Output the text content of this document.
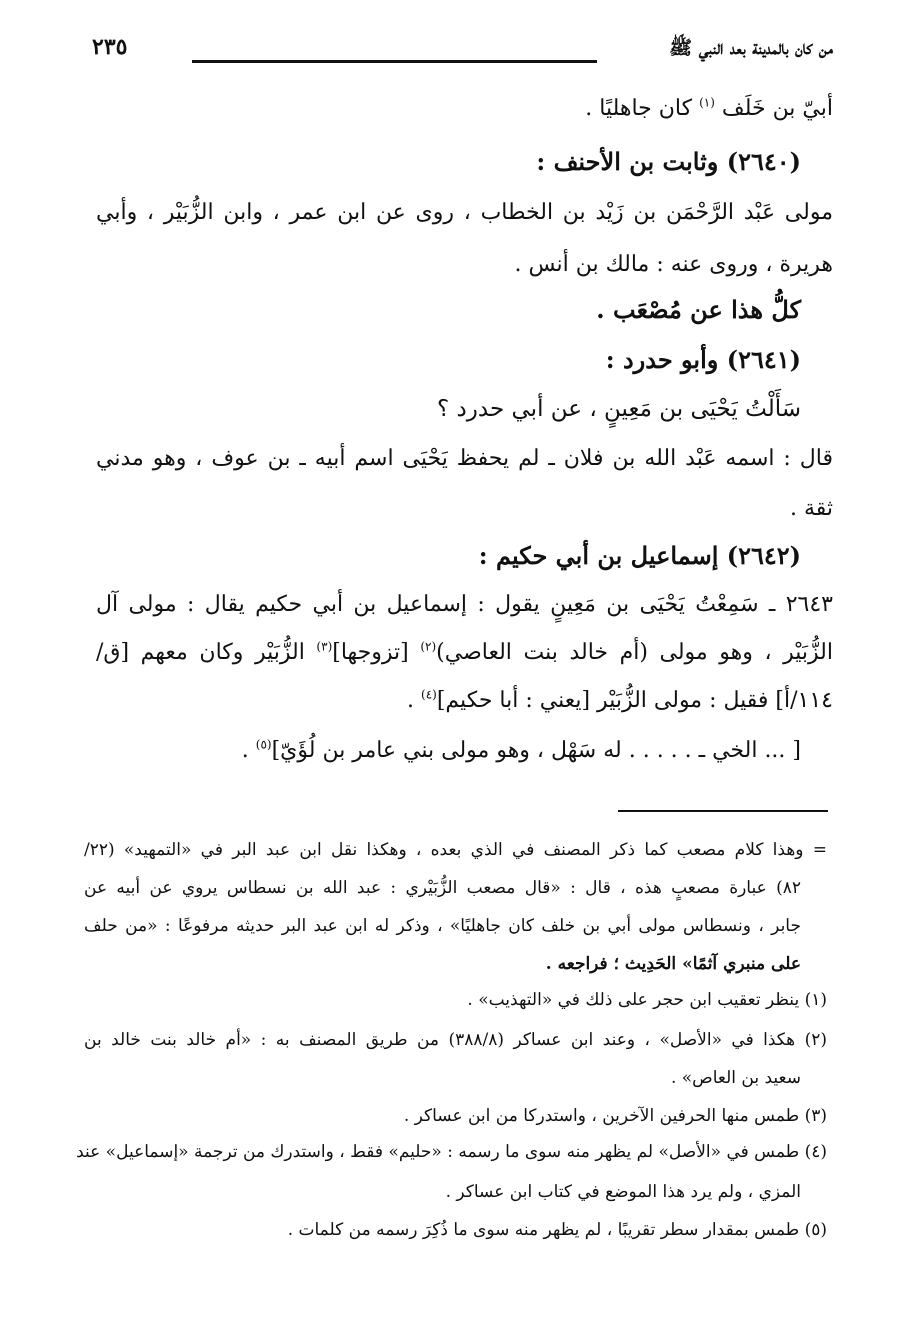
من كان بالمدينة بعد النبي ﷺ
٢٣٥
أبيّ بن خَلَف $^{(١)}$ كان جاهليًا .
(٢٦٤٠) وثابت بن الأحنف :
مولى عَبْد الرَّحْمَن بن زَيْد بن الخطاب ، روى عن ابن عمر ، وابن الزُّبَيْر ، وأبي
هريرة ، وروى عنه : مالك بن أنس .
كلُّ هذا عن مُصْعَب .
(٢٦٤١) وأبو حدرد :
سَأَلْتُ يَحْيَى بن مَعِينٍ ، عن أبي حدرد ؟
قال : اسمه عَبْد الله بن فلان ـ لم يحفظ يَحْيَى اسم أبيه ـ بن عوف ، وهو مدني
ثقة .
(٢٦٤٢) إسماعيل بن أبي حكيم :
٢٦٤٣ ـ سَمِعْتُ يَحْيَى بن مَعِينٍ يقول : إسماعيل بن أبي حكيم يقال : مولى آل
الزُّبَيْر ، وهو مولى (أم خالد بنت العاصي)$^{(٢)}$ [تزوجها]$^{(٣)}$ الزُّبَيْر وكان معهم [ق/
١١٤/أ] فقيل : مولى الزُّبَيْر [يعني : أبا حكيم]$^{(٤)}$ .
[ ... الخي ـ . . . . . له سَهْل ، وهو مولى بني عامر بن لُؤَيّ]$^{(٥)}$ .
= وهذا كلام مصعب كما ذكر المصنف في الذي بعده ، وهكذا نقل ابن عبد البر في «التمهيد» (٢٢/
٨٢) عبارة مصعبٍ هذه ، قال : «قال مصعب الزُّبَيْري : عبد الله بن نسطاس يروي عن أبيه عن
جابر ، ونسطاس مولى أبي بن خلف كان جاهليًا» ، وذكر له ابن عبد البر حديثه مرفوعًا : «من حلف
على منبري آثمًا» الحَدِيث ؛ فراجعه .
(١) ينظر تعقيب ابن حجر على ذلك في «التهذيب» .
(٢) هكذا في «الأصل» ، وعند ابن عساكر (٣٨٨/٨) من طريق المصنف به : «أم خالد بنت خالد بن
سعيد بن العاص» .
(٣) طمس منها الحرفين الآخرين ، واستدركا من ابن عساكر .
(٤) طمس في «الأصل» لم يظهر منه سوى ما رسمه : «حليم» فقط ، واستدرك من ترجمة «إسماعيل» عند
المزي ، ولم يرد هذا الموضع في كتاب ابن عساكر .
(٥) طمس بمقدار سطر تقريبًا ، لم يظهر منه سوى ما ذُكِرَ رسمه من كلمات .
